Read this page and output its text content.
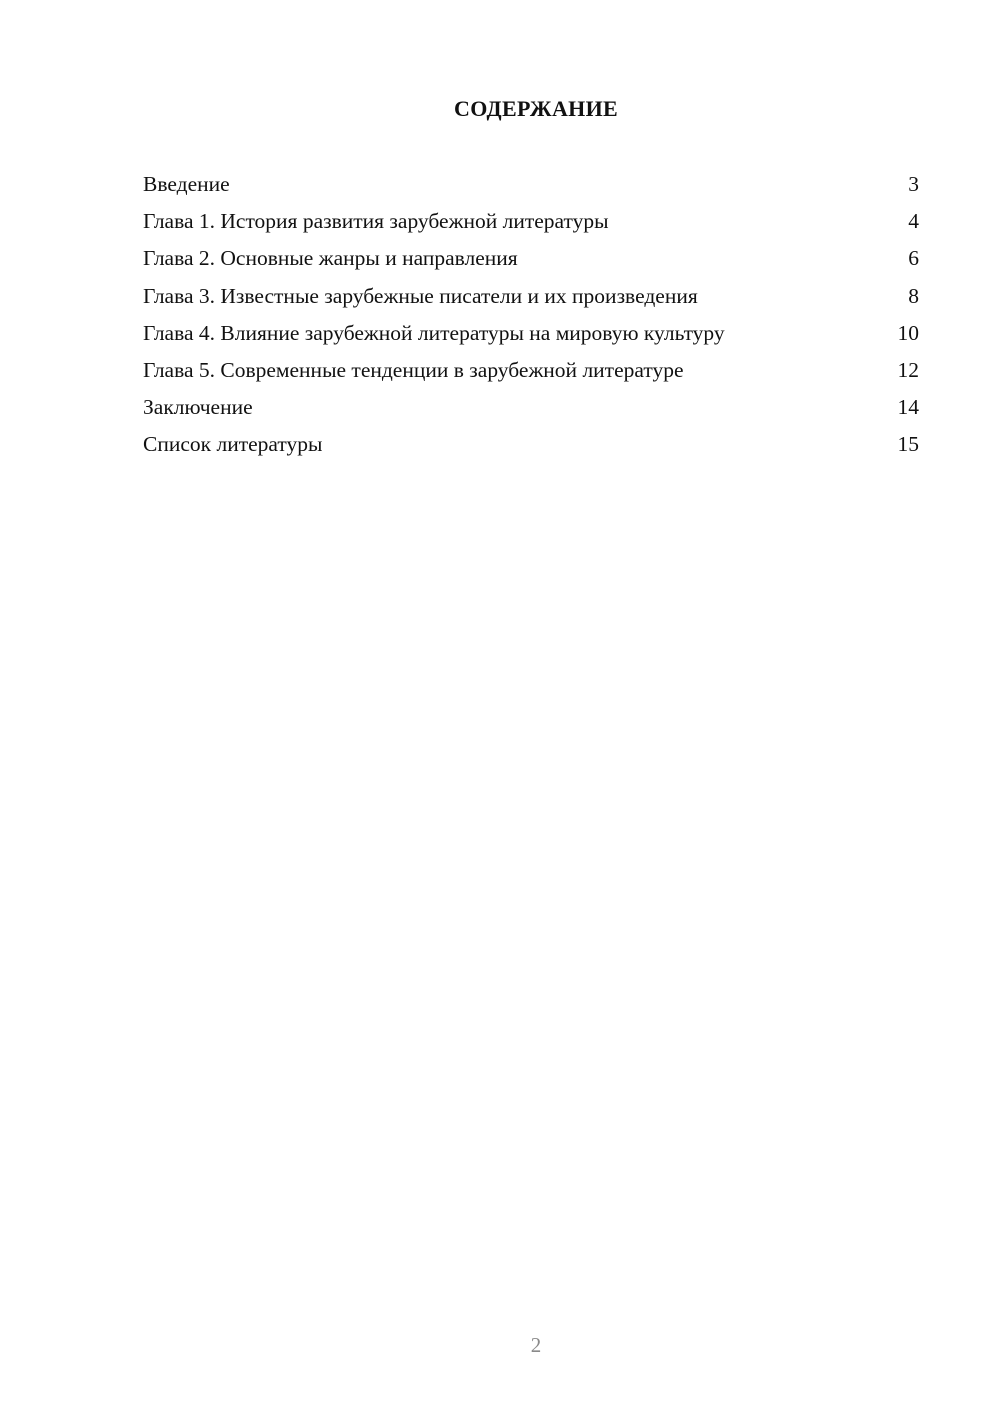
СОДЕРЖАНИЕ
Введение	3
Глава 1. История развития зарубежной литературы	4
Глава 2. Основные жанры и направления	6
Глава 3. Известные зарубежные писатели и их произведения	8
Глава 4. Влияние зарубежной литературы на мировую культуру	10
Глава 5. Современные тенденции в зарубежной литературе	12
Заключение	14
Список литературы	15
2
